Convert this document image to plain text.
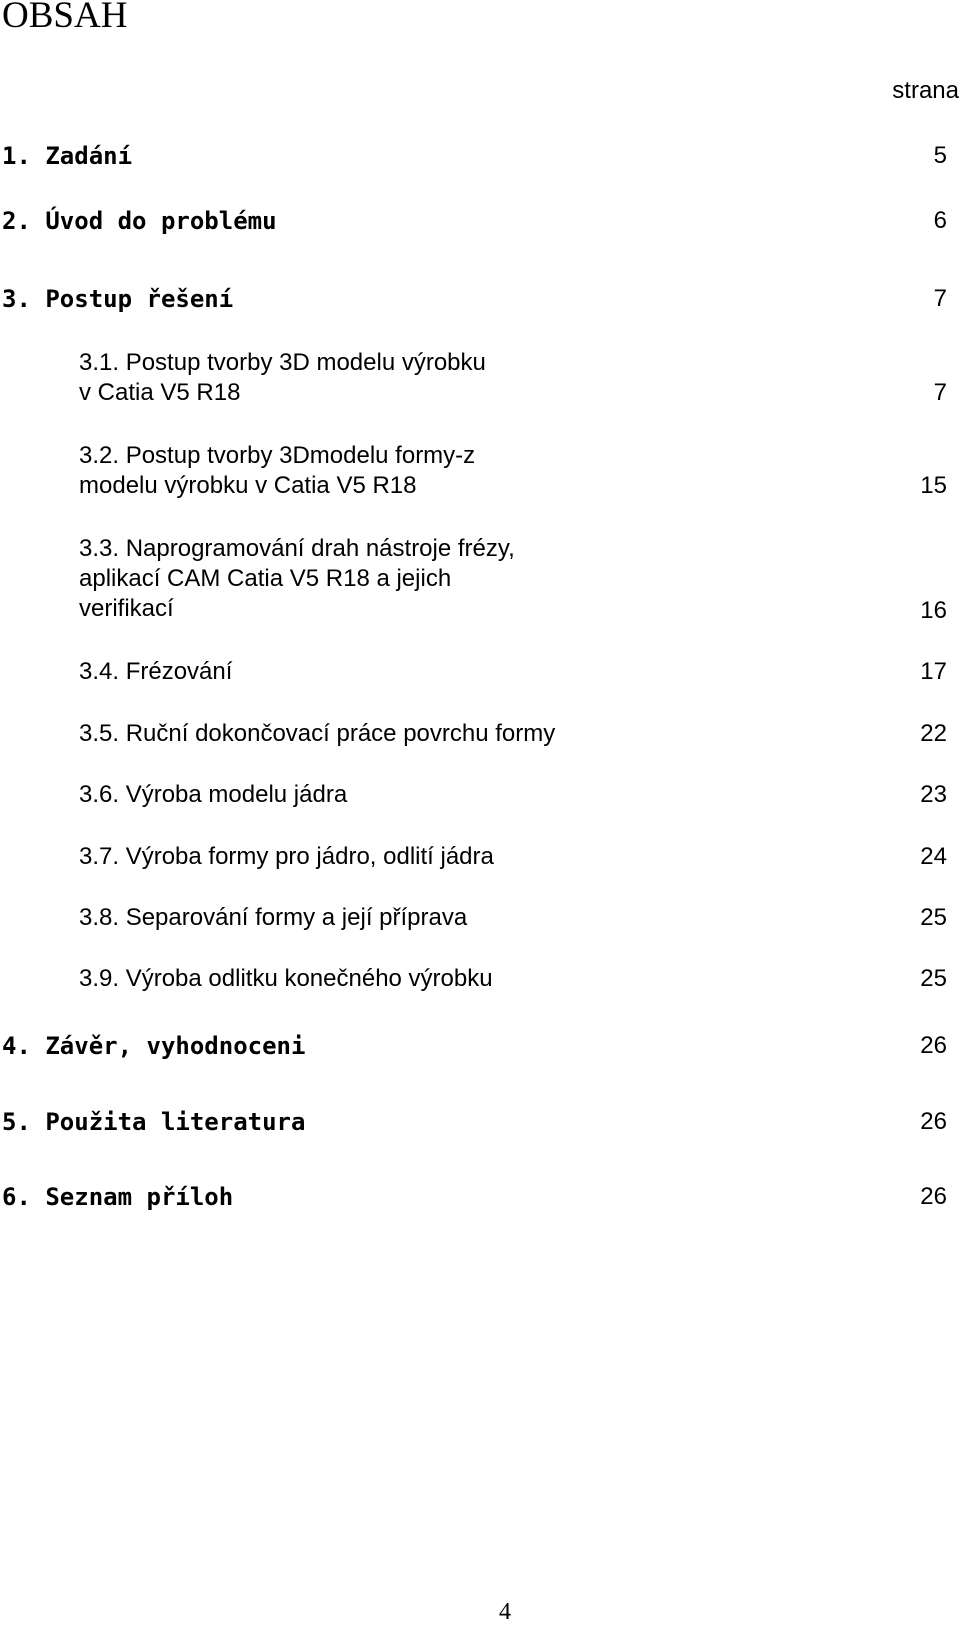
OBSAH
strana
1. Zadání	5
2. Úvod do problému	6
3. Postup řešení	7
3.1. Postup tvorby 3D modelu výrobku
v Catia V5 R18	7
3.2. Postup tvorby 3Dmodelu formy-z
modelu výrobku v Catia V5 R18	15
3.3. Naprogramování drah nástroje frézy,
aplikací CAM Catia V5 R18 a jejich
verifikací	16
3.4. Frézování	17
3.5. Ruční dokončovací práce povrchu formy	22
3.6. Výroba modelu jádra	23
3.7. Výroba formy pro jádro, odlití jádra	24
3.8. Separování formy a její příprava	25
3.9. Výroba odlitku konečného výrobku	25
4. Závěr, vyhodnoceni	26
5. Použita literatura	26
6. Seznam příloh	26
4
